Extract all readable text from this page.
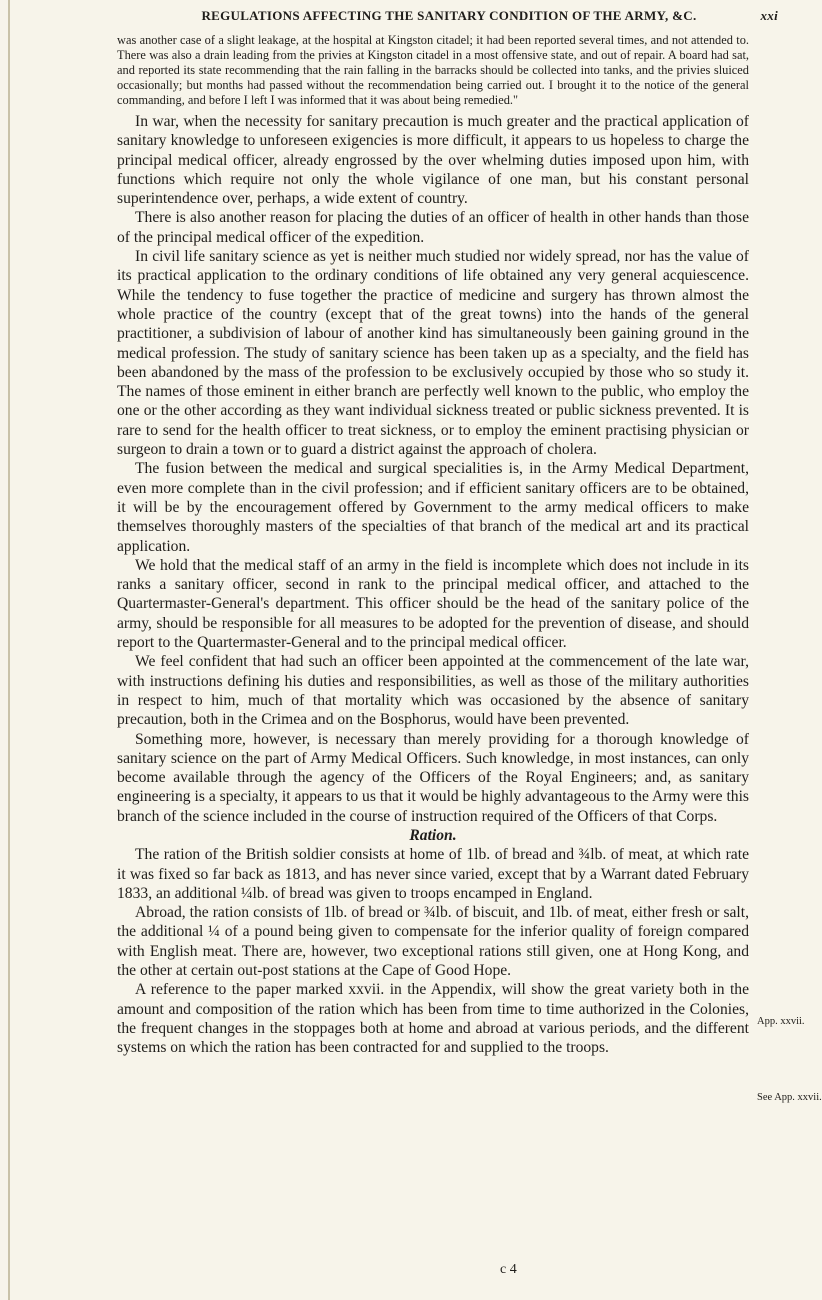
REGULATIONS AFFECTING THE SANITARY CONDITION OF THE ARMY, &C.	xxi
was another case of a slight leakage, at the hospital at Kingston citadel; it had been reported several times, and not attended to. There was also a drain leading from the privies at Kingston citadel in a most offensive state, and out of repair. A board had sat, and reported its state recommending that the rain falling in the barracks should be collected into tanks, and the privies sluiced occasionally; but months had passed without the recommendation being carried out. I brought it to the notice of the general commanding, and before I left I was informed that it was about being remedied."

In war, when the necessity for sanitary precaution is much greater and the practical application of sanitary knowledge to unforeseen exigencies is more difficult, it appears to us hopeless to charge the principal medical officer, already engrossed by the over whelming duties imposed upon him, with functions which require not only the whole vigilance of one man, but his constant personal superintendence over, perhaps, a wide extent of country.

There is also another reason for placing the duties of an officer of health in other hands than those of the principal medical officer of the expedition.

In civil life sanitary science as yet is neither much studied nor widely spread, nor has the value of its practical application to the ordinary conditions of life obtained any very general acquiescence. While the tendency to fuse together the practice of medicine and surgery has thrown almost the whole practice of the country (except that of the great towns) into the hands of the general practitioner, a subdivision of labour of another kind has simultaneously been gaining ground in the medical profession. The study of sanitary science has been taken up as a specialty, and the field has been abandoned by the mass of the profession to be exclusively occupied by those who so study it. The names of those eminent in either branch are perfectly well known to the public, who employ the one or the other according as they want individual sickness treated or public sickness prevented. It is rare to send for the health officer to treat sickness, or to employ the eminent practising physician or surgeon to drain a town or to guard a district against the approach of cholera.

The fusion between the medical and surgical specialities is, in the Army Medical Department, even more complete than in the civil profession; and if efficient sanitary officers are to be obtained, it will be by the encouragement offered by Government to the army medical officers to make themselves thoroughly masters of the specialties of that branch of the medical art and its practical application.

We hold that the medical staff of an army in the field is incomplete which does not include in its ranks a sanitary officer, second in rank to the principal medical officer, and attached to the Quartermaster-General's department. This officer should be the head of the sanitary police of the army, should be responsible for all measures to be adopted for the prevention of disease, and should report to the Quartermaster-General and to the principal medical officer.

We feel confident that had such an officer been appointed at the commencement of the late war, with instructions defining his duties and responsibilities, as well as those of the military authorities in respect to him, much of that mortality which was occasioned by the absence of sanitary precaution, both in the Crimea and on the Bosphorus, would have been prevented.

Something more, however, is necessary than merely providing for a thorough knowledge of sanitary science on the part of Army Medical Officers. Such knowledge, in most instances, can only become available through the agency of the Officers of the Royal Engineers; and, as sanitary engineering is a specialty, it appears to us that it would be highly advantageous to the Army were this branch of the science included in the course of instruction required of the Officers of that Corps.

Ration.

The ration of the British soldier consists at home of 1lb. of bread and ¾lb. of meat, at which rate it was fixed so far back as 1813, and has never since varied, except that by a Warrant dated February 1833, an additional ¼lb. of bread was given to troops encamped in England.

Abroad, the ration consists of 1lb. of bread or ¾lb. of biscuit, and 1lb. of meat, either fresh or salt, the additional ¼ of a pound being given to compensate for the inferior quality of foreign compared with English meat. There are, however, two exceptional rations still given, one at Hong Kong, and the other at certain out-post stations at the Cape of Good Hope.

A reference to the paper marked xxvii. in the Appendix, will show the great variety both in the amount and composition of the ration which has been from time to time authorized in the Colonies, the frequent changes in the stoppages both at home and abroad at various periods, and the different systems on which the ration has been contracted for and supplied to the troops.

App. xxvii.
See App. xxvii.
c 4
